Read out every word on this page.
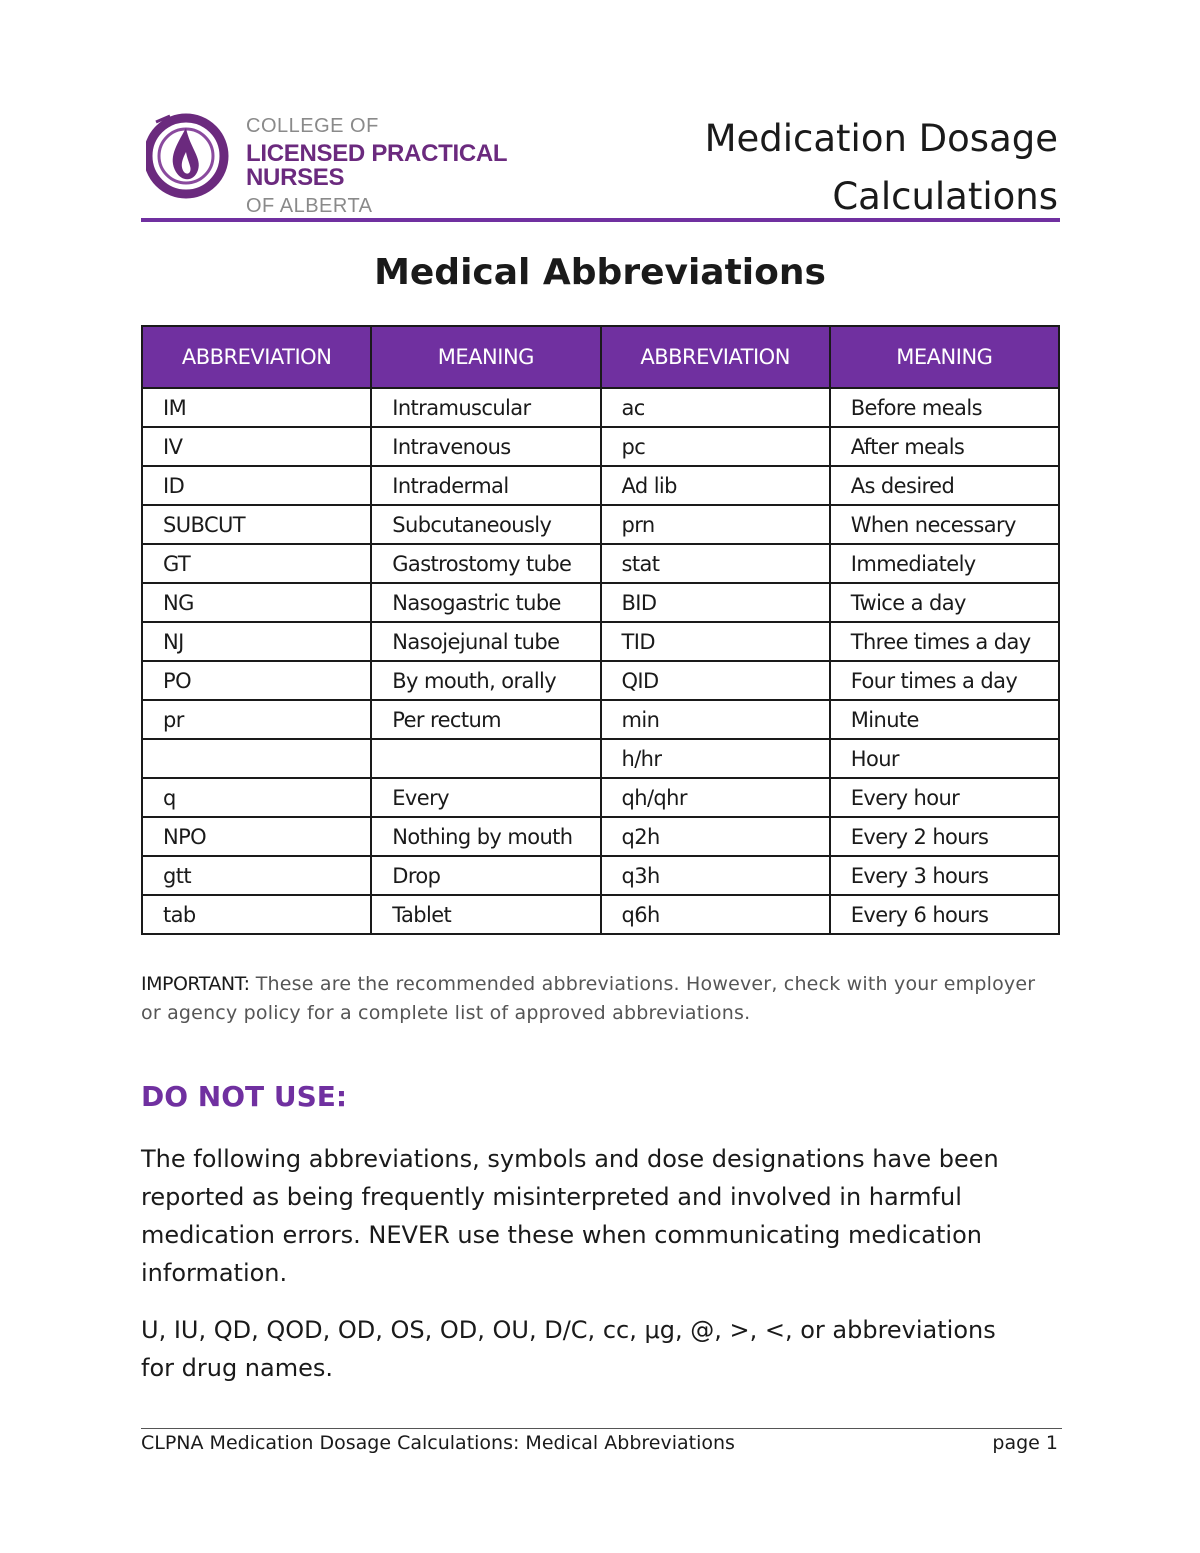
COLLEGE OF
LICENSED PRACTICAL NURSES
OF ALBERTA
Medication Dosage
Calculations
Medical Abbreviations
ABBREVIATION	MEANING	ABBREVIATION	MEANING
IM	Intramuscular	ac	Before meals
IV	Intravenous	pc	After meals
ID	Intradermal	Ad lib	As desired
SUBCUT	Subcutaneously	prn	When necessary
GT	Gastrostomy tube	stat	Immediately
NG	Nasogastric tube	BID	Twice a day
NJ	Nasojejunal tube	TID	Three times a day
PO	By mouth, orally	QID	Four times a day
pr	Per rectum	min	Minute
		h/hr	Hour
q	Every	qh/qhr	Every hour
NPO	Nothing by mouth	q2h	Every 2 hours
gtt	Drop	q3h	Every 3 hours
tab	Tablet	q6h	Every 6 hours
IMPORTANT: These are the recommended abbreviations. However, check with your employer or agency policy for a complete list of approved abbreviations.
DO NOT USE:
The following abbreviations, symbols and dose designations have been reported as being frequently misinterpreted and involved in harmful medication errors. NEVER use these when communicating medication information.
U, IU, QD, QOD, OD, OS, OD, OU, D/C, cc, μg, @, >, <, or abbreviations for drug names.
CLPNA Medication Dosage Calculations: Medical Abbreviations	page 1
